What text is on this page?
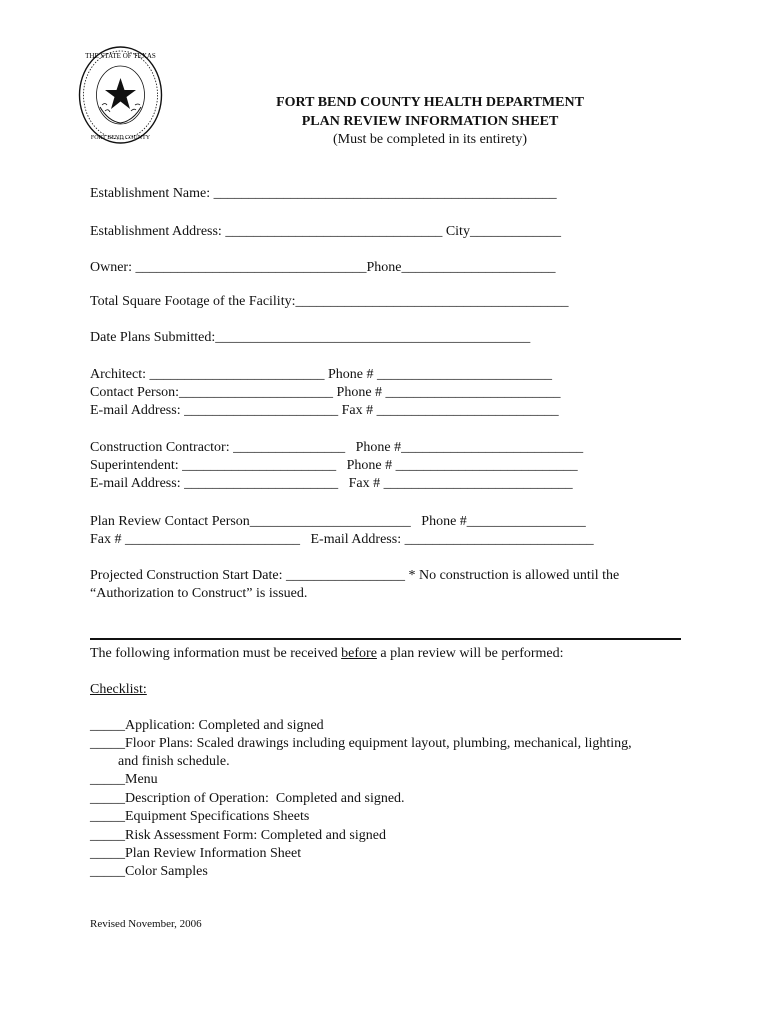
THE STATE OF TEXAS
FORT BEND COUNTY
FORT BEND COUNTY HEALTH DEPARTMENT
PLAN REVIEW INFORMATION SHEET
(Must be completed in its entirety)
Establishment Name: _________________________________________________
Establishment Address: _______________________________ City_____________
Owner: _________________________________Phone______________________
Total Square Footage of the Facility:_______________________________________
Date Plans Submitted:_____________________________________________
Architect: _________________________ Phone # _________________________
Contact Person:______________________ Phone # _________________________
E-mail Address: ______________________ Fax # __________________________
Construction Contractor: ________________   Phone #__________________________
Superintendent: ______________________   Phone # __________________________
E-mail Address: ______________________   Fax # ___________________________
Plan Review Contact Person_______________________   Phone #_________________
Fax # _________________________   E-mail Address: ___________________________
Projected Construction Start Date: _________________ * No construction is allowed until the
“Authorization to Construct” is issued.
The following information must be received before a plan review will be performed:
Checklist:
_____Application: Completed and signed
_____Floor Plans: Scaled drawings including equipment layout, plumbing, mechanical, lighting,
and finish schedule.
_____Menu
_____Description of Operation:  Completed and signed.
_____Equipment Specifications Sheets
_____Risk Assessment Form: Completed and signed
_____Plan Review Information Sheet
_____Color Samples
Revised November, 2006
